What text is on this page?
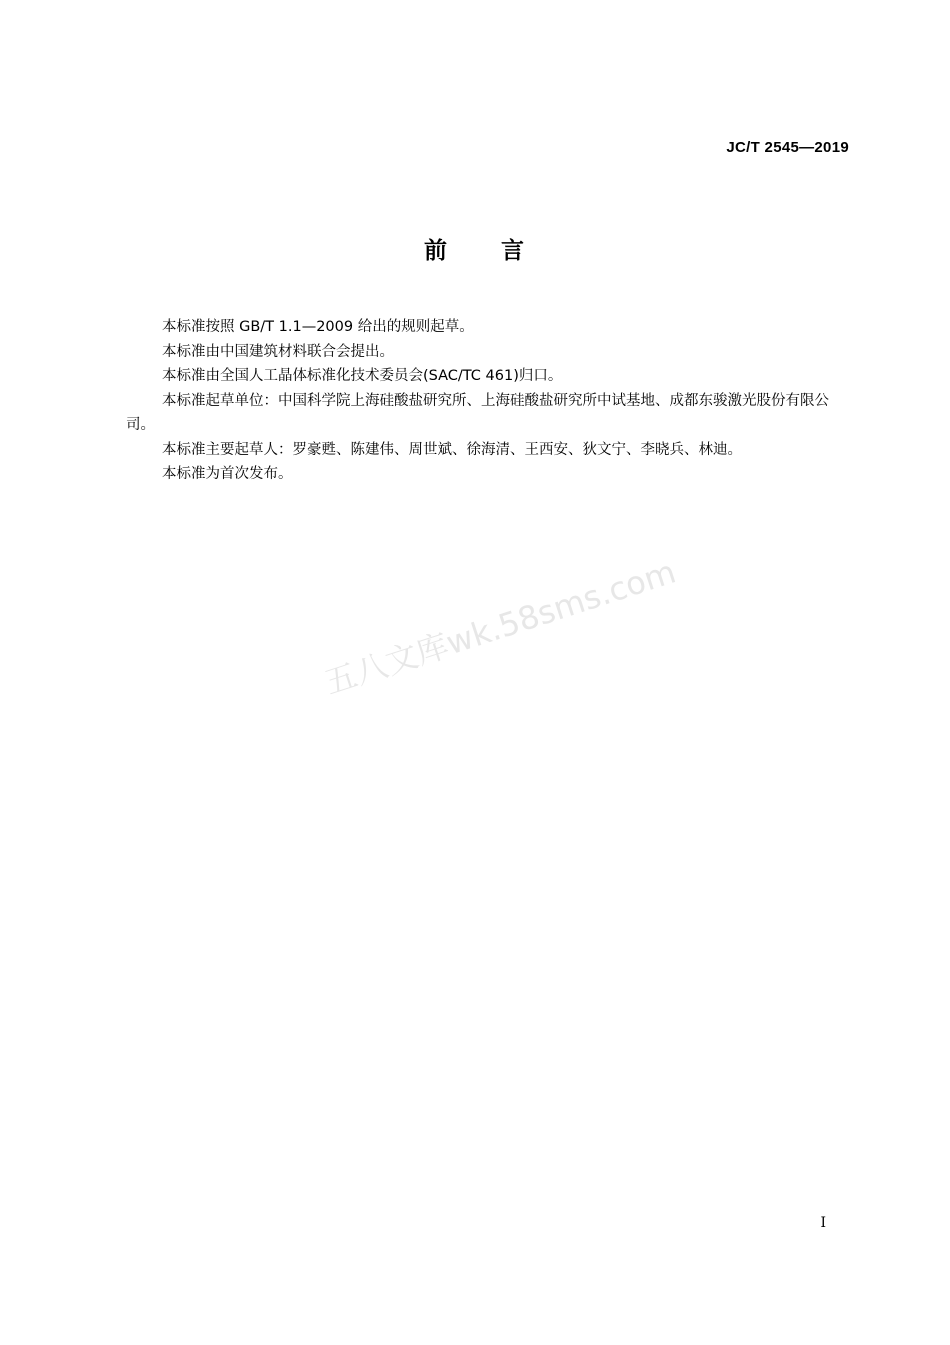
JC/T 2545—2019
前 言

本标准按照 GB/T 1.1—2009 给出的规则起草。

本标准由中国建筑材料联合会提出。

本标准由全国人工晶体标准化技术委员会(SAC/TC 461)归口。

本标准起草单位：中国科学院上海硅酸盐研究所、上海硅酸盐研究所中试基地、成都东骏激光股份有限公司。

本标准主要起草人：罗豪甦、陈建伟、周世斌、徐海清、王西安、狄文宁、李晓兵、林迪。

本标准为首次发布。

五八文库wk.58sms.com
I
